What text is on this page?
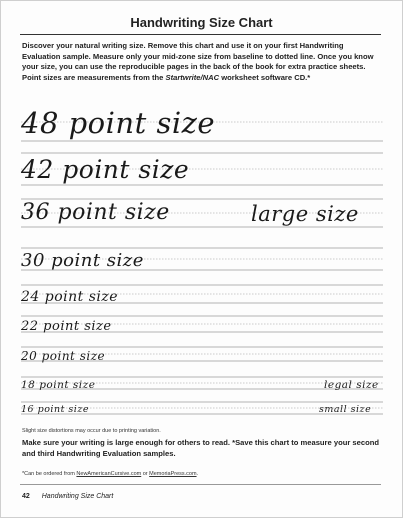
Handwriting Size Chart

Discover your natural writing size. Remove this chart and use it on your first Handwriting Evaluation sample. Measure only your mid-zone size from baseline to dotted line. Once you know your size, you can use the reproducible pages in the back of the book for extra practice sheets. Point sizes are measurements from the Startwrite/NAC worksheet software CD.*

48 point size
42 point size
36 point size	large size
30 point size
24 point size
22 point size
20 point size
18 point size	legal size
16 point size	small size

Slight size distortions may occur due to printing variation.

Make sure your writing is large enough for others to read. *Save this chart to measure your second and third Handwriting Evaluation samples.

*Can be ordered from NewAmericanCursive.com or MemoriaPress.com.

42 Handwriting Size Chart
